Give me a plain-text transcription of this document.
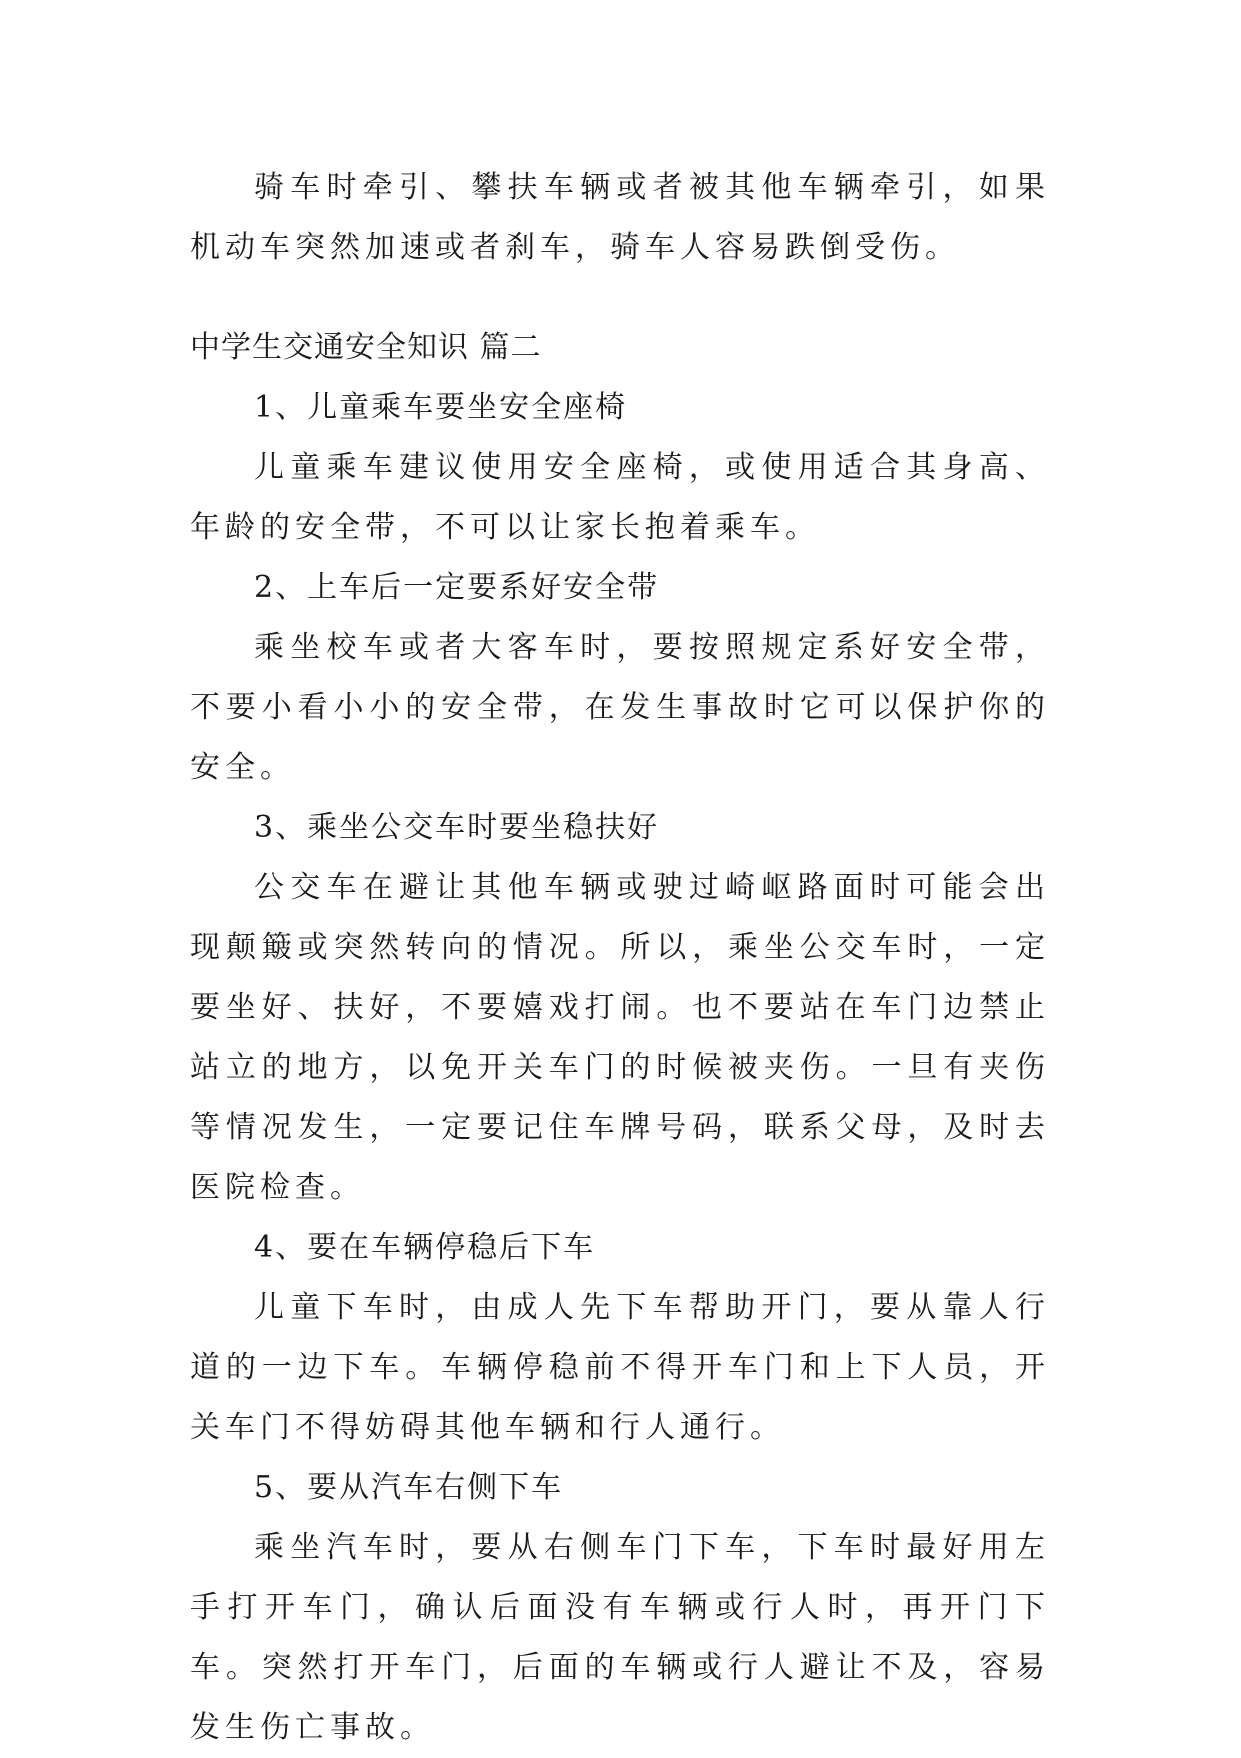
骑车时牵引、攀扶车辆或者被其他车辆牵引，如果机动车突然加速或者刹车，骑车人容易跌倒受伤。

中学生交通安全知识 篇二

1、儿童乘车要坐安全座椅

儿童乘车建议使用安全座椅，或使用适合其身高、年龄的安全带，不可以让家长抱着乘车。

2、上车后一定要系好安全带

乘坐校车或者大客车时，要按照规定系好安全带，不要小看小小的安全带，在发生事故时它可以保护你的安全。

3、乘坐公交车时要坐稳扶好

公交车在避让其他车辆或驶过崎岖路面时可能会出现颠簸或突然转向的情况。所以，乘坐公交车时，一定要坐好、扶好，不要嬉戏打闹。也不要站在车门边禁止站立的地方，以免开关车门的时候被夹伤。一旦有夹伤等情况发生，一定要记住车牌号码，联系父母，及时去医院检查。

4、要在车辆停稳后下车

儿童下车时，由成人先下车帮助开门，要从靠人行道的一边下车。车辆停稳前不得开车门和上下人员，开关车门不得妨碍其他车辆和行人通行。

5、要从汽车右侧下车

乘坐汽车时，要从右侧车门下车，下车时最好用左手打开车门，确认后面没有车辆或行人时，再开门下车。突然打开车门，后面的车辆或行人避让不及，容易发生伤亡事故。
